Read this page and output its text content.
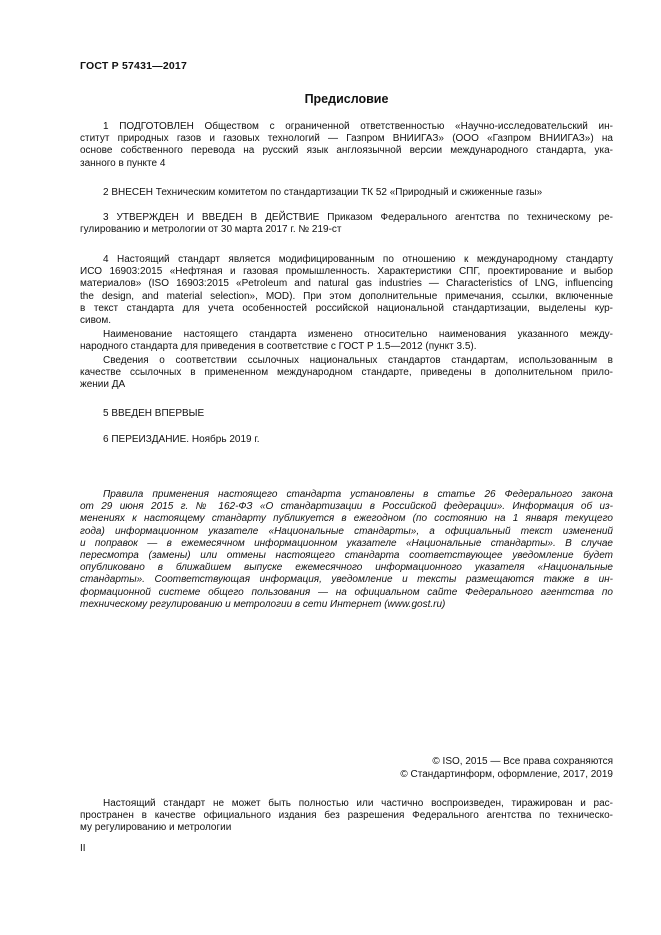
ГОСТ Р 57431—2017
Предисловие
1 ПОДГОТОВЛЕН Обществом с ограниченной ответственностью «Научно-исследовательский ин-
ститут природных газов и газовых технологий — Газпром ВНИИГАЗ» (ООО «Газпром ВНИИГАЗ») на
основе собственного перевода на русский язык англоязычной версии международного стандарта, ука-
занного в пункте 4
2 ВНЕСЕН Техническим комитетом по стандартизации ТК 52 «Природный и сжиженные газы»
3 УТВЕРЖДЕН И ВВЕДЕН В ДЕЙСТВИЕ Приказом Федерального агентства по техническому ре-
гулированию и метрологии от 30 марта 2017 г. № 219-ст
4 Настоящий стандарт является модифицированным по отношению к международному стандарту
ИСО 16903:2015 «Нефтяная и газовая промышленность. Характеристики СПГ, проектирование и выбор
материалов» (ISO 16903:2015 «Petroleum and natural gas industries — Characteristics of LNG, influencing
the design, and material selection», MOD). При этом дополнительные примечания, ссылки, включенные
в текст стандарта для учета особенностей российской национальной стандартизации, выделены кур-
сивом.
Наименование настоящего стандарта изменено относительно наименования указанного между-
народного стандарта для приведения в соответствие с ГОСТ Р 1.5—2012 (пункт 3.5).
Сведения о соответствии ссылочных национальных стандартов стандартам, использованным в
качестве ссылочных в примененном международном стандарте, приведены в дополнительном прило-
жении ДА
5 ВВЕДЕН ВПЕРВЫЕ
6 ПЕРЕИЗДАНИЕ. Ноябрь 2019 г.
Правила применения настоящего стандарта установлены в статье 26 Федерального закона
от 29 июня 2015 г. № 162-ФЗ «О стандартизации в Российской федерации». Информация об из-
менениях к настоящему стандарту публикуется в ежегодном (по состоянию на 1 января текущего
года) информационном указателе «Национальные стандарты», а официальный текст изменений
и поправок — в ежемесячном информационном указателе «Национальные стандарты». В случае
пересмотра (замены) или отмены настоящего стандарта соответствующее уведомление будет
опубликовано в ближайшем выпуске ежемесячного информационного указателя «Национальные
стандарты». Соответствующая информация, уведомление и тексты размещаются также в ин-
формационной системе общего пользования — на официальном сайте Федерального агентства по
техническому регулированию и метрологии в сети Интернет (www.gost.ru)
© ISO, 2015 — Все права сохраняются
© Стандартинформ, оформление, 2017, 2019
Настоящий стандарт не может быть полностью или частично воспроизведен, тиражирован и рас-
пространен в качестве официального издания без разрешения Федерального агентства по техническо-
му регулированию и метрологии
II
